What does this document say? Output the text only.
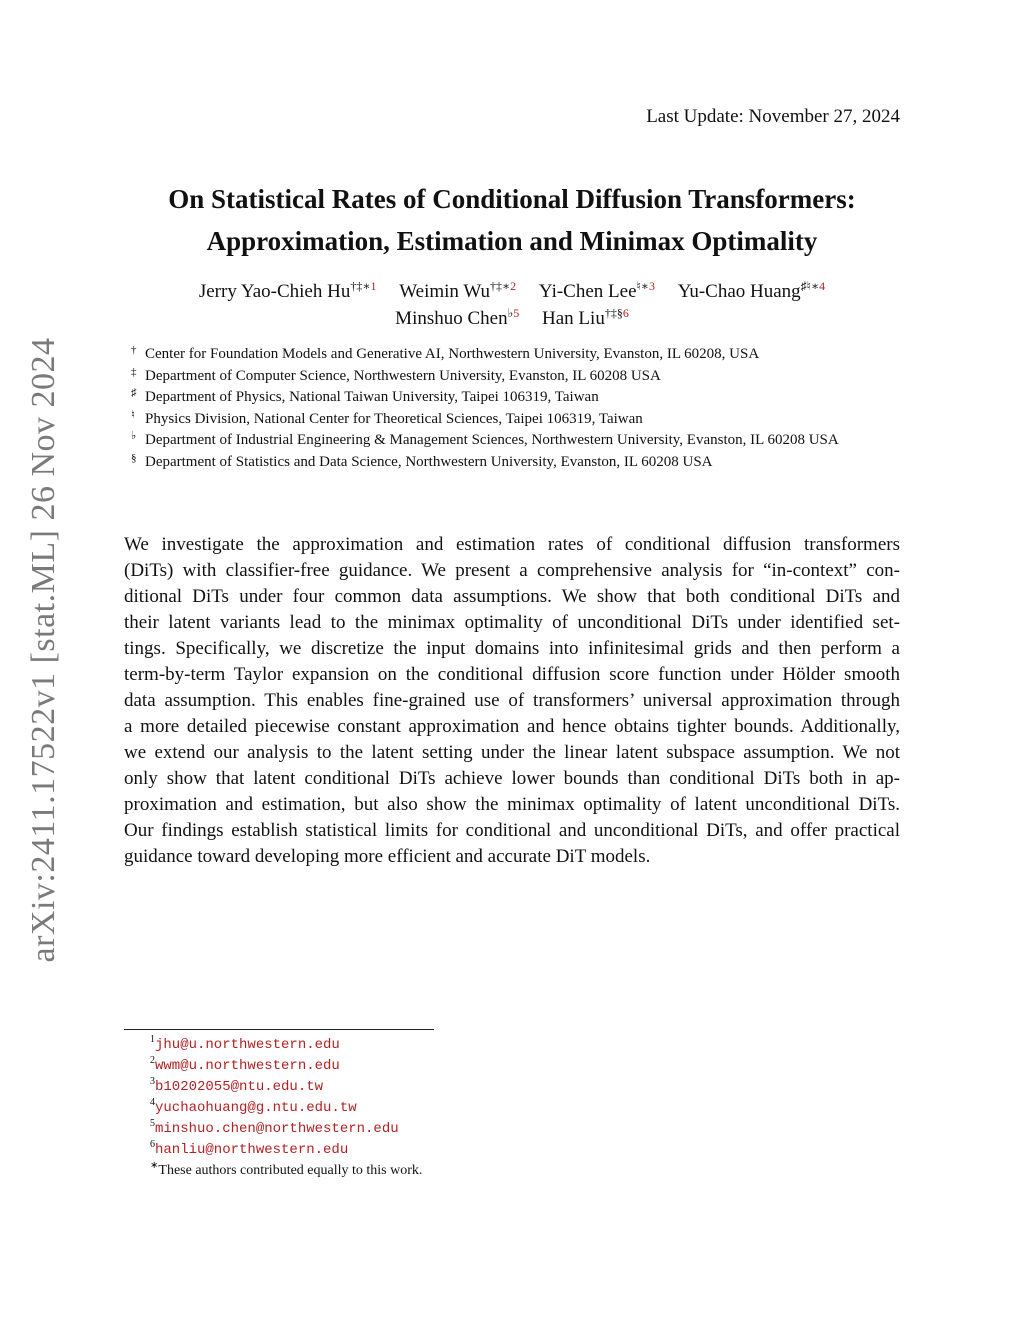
arXiv:2411.17522v1 [stat.ML] 26 Nov 2024
Last Update: November 27, 2024
On Statistical Rates of Conditional Diffusion Transformers:
Approximation, Estimation and Minimax Optimality
Jerry Yao-Chieh $Hu^{\dagger\ddagger∗1}$ Weimin $Wu^{\dagger\ddagger∗2}$ Yi-Chen Lee$^{♮∗3}$ Yu-Chao Huang$^{♯♮∗4}$
Minshuo Chen$^{♭5}$ Han Liu$^{\dagger\ddagger\S 6}$
† Center for Foundation Models and Generative AI, Northwestern University, Evanston, IL 60208, USA
‡ Department of Computer Science, Northwestern University, Evanston, IL 60208 USA
♯ Department of Physics, National Taiwan University, Taipei 106319, Taiwan
♮ Physics Division, National Center for Theoretical Sciences, Taipei 106319, Taiwan
♭ Department of Industrial Engineering & Management Sciences, Northwestern University, Evanston, IL 60208 USA
§ Department of Statistics and Data Science, Northwestern University, Evanston, IL 60208 USA
We investigate the approximation and estimation rates of conditional diffusion transformers
(DiTs) with classifier-free guidance. We present a comprehensive analysis for “in-context” con-
ditional DiTs under four common data assumptions. We show that both conditional DiTs and
their latent variants lead to the minimax optimality of unconditional DiTs under identified set-
tings. Specifically, we discretize the input domains into infinitesimal grids and then perform a
term-by-term Taylor expansion on the conditional diffusion score function under Hölder smooth
data assumption. This enables fine-grained use of transformers’ universal approximation through
a more detailed piecewise constant approximation and hence obtains tighter bounds. Additionally,
we extend our analysis to the latent setting under the linear latent subspace assumption. We not
only show that latent conditional DiTs achieve lower bounds than conditional DiTs both in ap-
proximation and estimation, but also show the minimax optimality of latent unconditional DiTs.
Our findings establish statistical limits for conditional and unconditional DiTs, and offer practical
guidance toward developing more efficient and accurate DiT models.
$^1$jhu@u.northwestern.edu
$^2$wwm@u.northwestern.edu
$^3$b10202055@ntu.edu.tw
$^4$yuchaohuang@g.ntu.edu.tw
$^5$minshuo.chen@northwestern.edu
$^6$hanliu@northwestern.edu
∗These authors contributed equally to this work.
